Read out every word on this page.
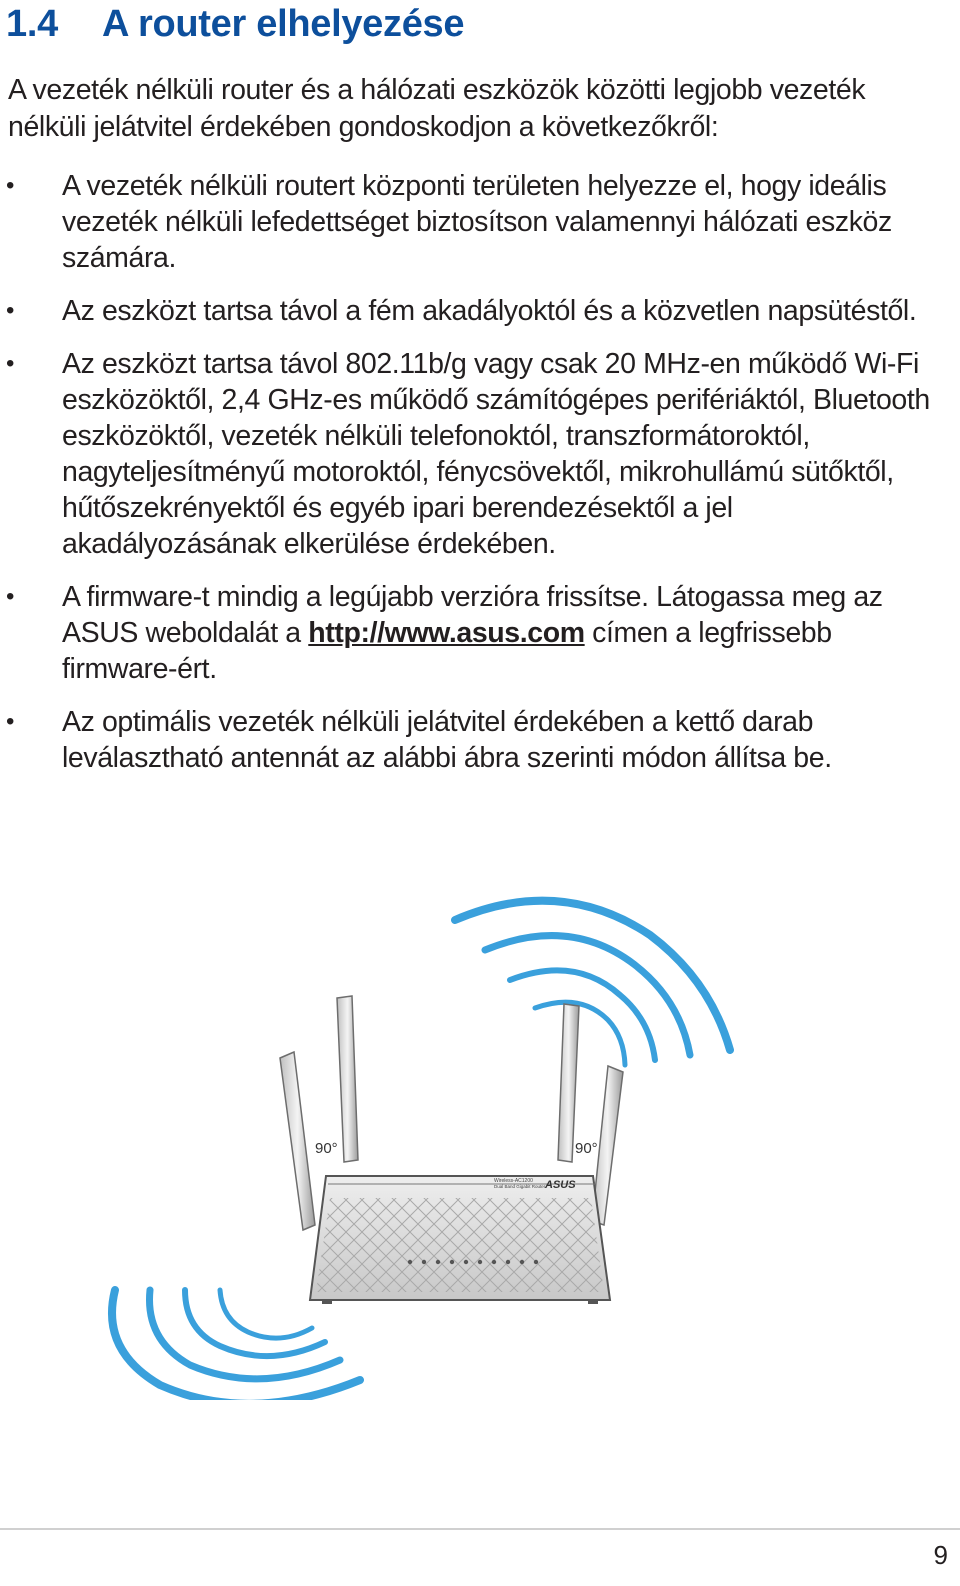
1.4 A router elhelyezése

A vezeték nélküli router és a hálózati eszközök közötti legjobb vezeték nélküli jelátvitel érdekében gondoskodjon a következőkről:

• A vezeték nélküli routert központi területen helyezze el, hogy ideális vezeték nélküli lefedettséget biztosítson valamennyi hálózati eszköz számára.
• Az eszközt tartsa távol a fém akadályoktól és a közvetlen napsütéstől.
• Az eszközt tartsa távol 802.11b/g vagy csak 20 MHz-en működő Wi-Fi eszközöktől, 2,4 GHz-es működő számítógépes perifériáktól, Bluetooth eszközöktől, vezeték nélküli telefonoktól, transzformátoroktól, nagyteljesítményű motoroktól, fénycsövektől, mikrohullámú sütőktől, hűtőszekrényektől és egyéb ipari berendezésektől a jel akadályozásának elkerülése érdekében.
• A firmware-t mindig a legújabb verzióra frissítse. Látogassa meg az ASUS weboldalát a http://www.asus.com címen a legfrissebb firmware-ért.
• Az optimális vezeték nélküli jelátvitel érdekében a kettő darab leválasztható antennát az alábbi ábra szerinti módon állítsa be.
90°	90°
Wireless-AC1200
Dual Band Gigabit Router ASUS
9
